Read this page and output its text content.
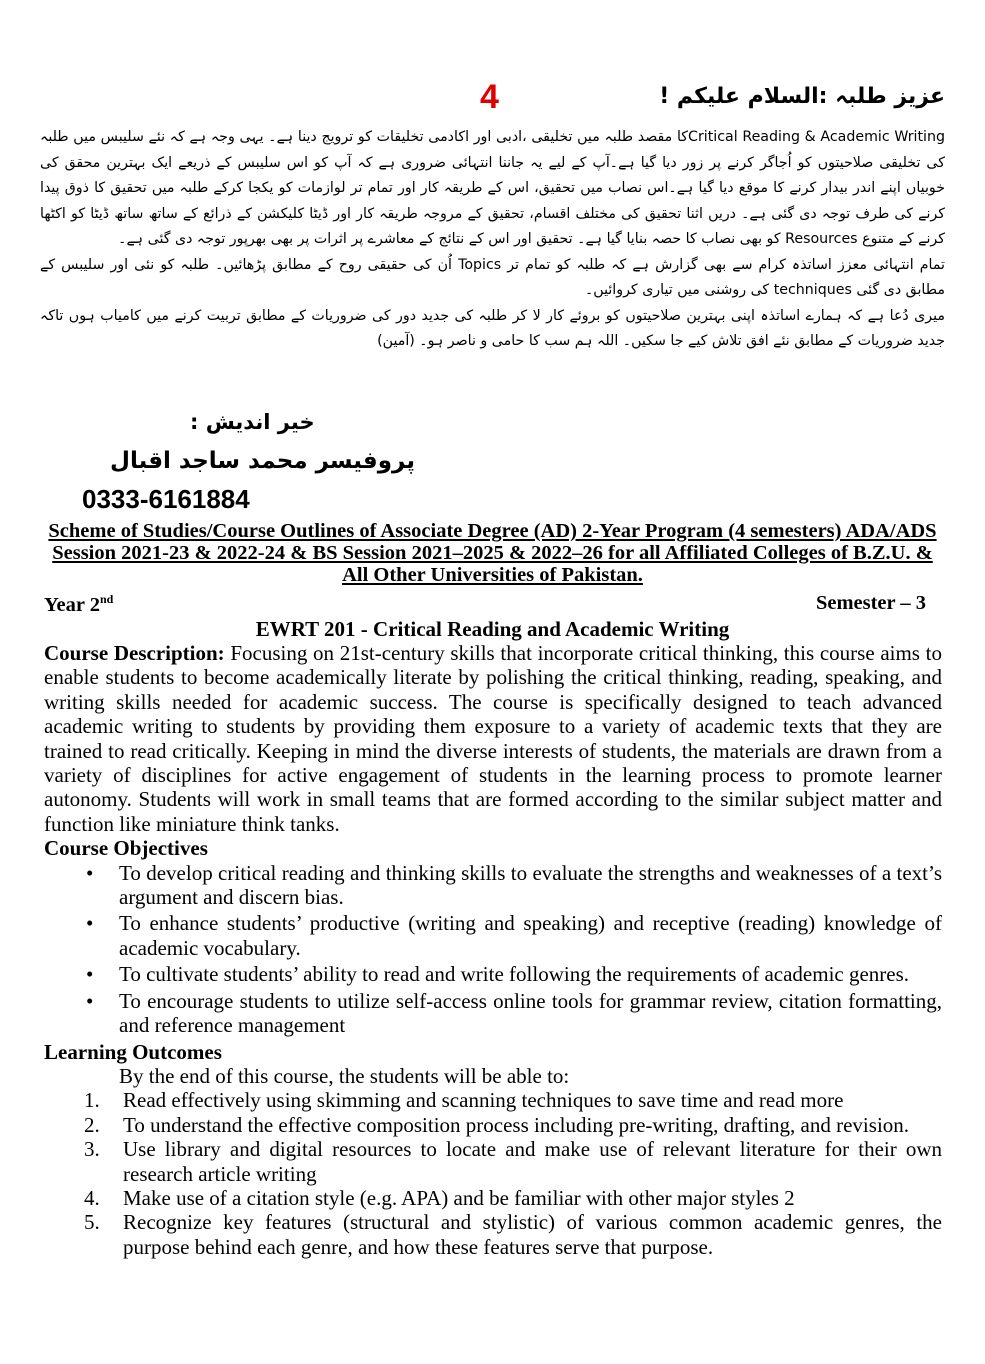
4	عزیز طلبہ :السلام علیکم !

Critical Reading & Academic Writingکا مقصد طلبہ میں تخلیقی ،ادبی اور اکادمی تخلیقات کو ترویج دینا ہے۔ یہی وجہ ہے کہ نئے سلیبس میں طلبہ کی تخلیقی صلاحیتوں کو اُجاگر کرنے پر زور دیا گیا ہے۔آپ کے لیے یہ جاننا انتہائی ضروری ہے کہ آپ کو اس سلیبس کے ذریعے ایک بہترین محقق کی خوبیاں اپنے اندر بیدار کرنے کا موقع دیا گیا ہے۔اس نصاب میں تحقیق، اس کے طریقہ کار اور تمام تر لوازمات کو یکجا کرکے طلبہ میں تحقیق کا ذوق پیدا کرنے کی طرف توجہ دی گئی ہے۔ دریں اثنا تحقیق کی مختلف اقسام، تحقیق کے مروجہ طریقہ کار اور ڈیٹا کلیکشن کے ذرائع کے ساتھ ساتھ ڈیٹا کو اکٹھا کرنے کے متنوع Resources کو بھی نصاب کا حصہ بنایا گیا ہے۔ تحقیق اور اس کے نتائج کے معاشرے پر اثرات پر بھی بھرپور توجہ دی گئی ہے۔

تمام انتہائی معزز اساتذہ کرام سے بھی گزارش ہے کہ طلبہ کو تمام تر Topics اُن کی حقیقی روح کے مطابق پڑھائیں۔ طلبہ کو نئی اور سلیبس کے مطابق دی گئی techniques کی روشنی میں تیاری کروائیں۔

میری دُعا ہے کہ ہمارے اساتذہ اپنی بہترین صلاحیتوں کو بروئے کار لا کر طلبہ کی جدید دور کی ضروریات کے مطابق تربیت کرنے میں کامیاب ہوں تاکہ جدید ضروریات کے مطابق نئے افق تلاش کیے جا سکیں۔ اللہ ہم سب کا حامی و ناصر ہو۔ (آمین)

خیر اندیش :
پروفیسر محمد ساجد اقبال
0333-6161884
Scheme of Studies/Course Outlines of Associate Degree (AD) 2-Year Program (4 semesters) ADA/ADS Session 2021-23 & 2022-24 & BS Session 2021–2025 & 2022–26 for all Affiliated Colleges of B.Z.U. & All Other Universities of Pakistan.
Year 2nd	Semester – 3
EWRT 201 - Critical Reading and Academic Writing

Course Description: Focusing on 21st-century skills that incorporate critical thinking, this course aims to enable students to become academically literate by polishing the critical thinking, reading, speaking, and writing skills needed for academic success. The course is specifically designed to teach advanced academic writing to students by providing them exposure to a variety of academic texts that they are trained to read critically. Keeping in mind the diverse interests of students, the materials are drawn from a variety of disciplines for active engagement of students in the learning process to promote learner autonomy. Students will work in small teams that are formed according to the similar subject matter and function like miniature think tanks.

Course Objectives
• To develop critical reading and thinking skills to evaluate the strengths and weaknesses of a text’s argument and discern bias.
• To enhance students’ productive (writing and speaking) and receptive (reading) knowledge of academic vocabulary.
• To cultivate students’ ability to read and write following the requirements of academic genres.
• To encourage students to utilize self-access online tools for grammar review, citation formatting, and reference management
Learning Outcomes
By the end of this course, the students will be able to:
1. Read effectively using skimming and scanning techniques to save time and read more
2. To understand the effective composition process including pre-writing, drafting, and revision.
3. Use library and digital resources to locate and make use of relevant literature for their own research article writing
4. Make use of a citation style (e.g. APA) and be familiar with other major styles 2
5. Recognize key features (structural and stylistic) of various common academic genres, the purpose behind each genre, and how these features serve that purpose.
